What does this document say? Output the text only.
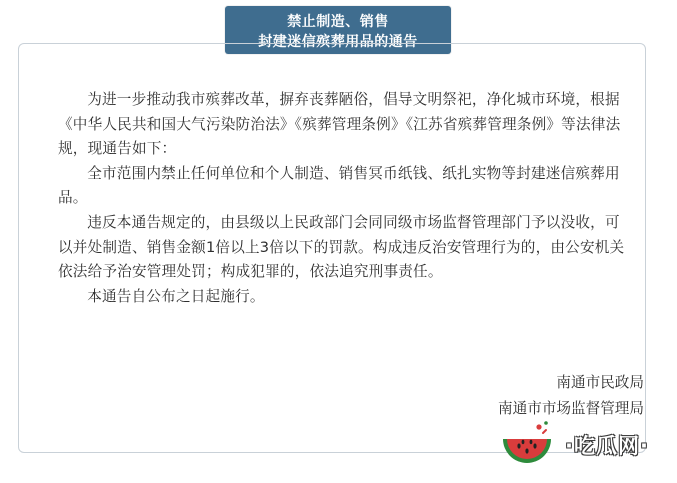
禁止制造、销售
封建迷信殡葬用品的通告

为进一步推动我市殡葬改革，摒弃丧葬陋俗，倡导文明祭祀，净化城市环境，根据《中华人民共和国大气污染防治法》《殡葬管理条例》《江苏省殡葬管理条例》等法律法规，现通告如下：

全市范围内禁止任何单位和个人制造、销售冥币纸钱、纸扎实物等封建迷信殡葬用品。

违反本通告规定的，由县级以上民政部门会同同级市场监督管理部门予以没收，可以并处制造、销售金额1倍以上3倍以下的罚款。构成违反治安管理行为的，由公安机关依法给予治安管理处罚；构成犯罪的，依法追究刑事责任。

本通告自公布之日起施行。

南通市民政局
南通市市场监督管理局
·吃瓜网·
